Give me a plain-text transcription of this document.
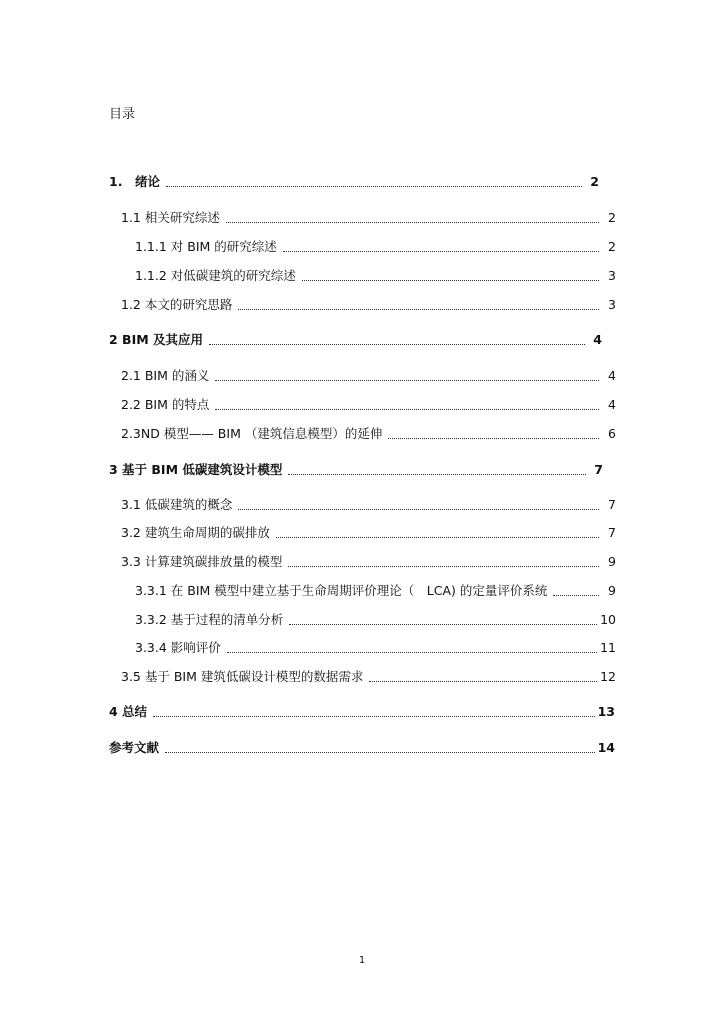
目录
1.　绪论	2
1.1 相关研究综述	2
1.1.1 对 BIM 的研究综述	2
1.1.2 对低碳建筑的研究综述	3
1.2 本文的研究思路	3
2 BIM 及其应用	4
2.1 BIM 的涵义	4
2.2 BIM 的特点	4
2.3ND 模型—— BIM （建筑信息模型）的延伸	6
3 基于 BIM 低碳建筑设计模型	7
3.1 低碳建筑的概念	7
3.2 建筑生命周期的碳排放	7
3.3 计算建筑碳排放量的模型	9
3.3.1 在 BIM 模型中建立基于生命周期评价理论（　LCA) 的定量评价系统	9
3.3.2 基于过程的清单分析	10
3.3.4 影响评价	11
3.5 基于 BIM 建筑低碳设计模型的数据需求	12
4 总结	13
参考文献	14
1
